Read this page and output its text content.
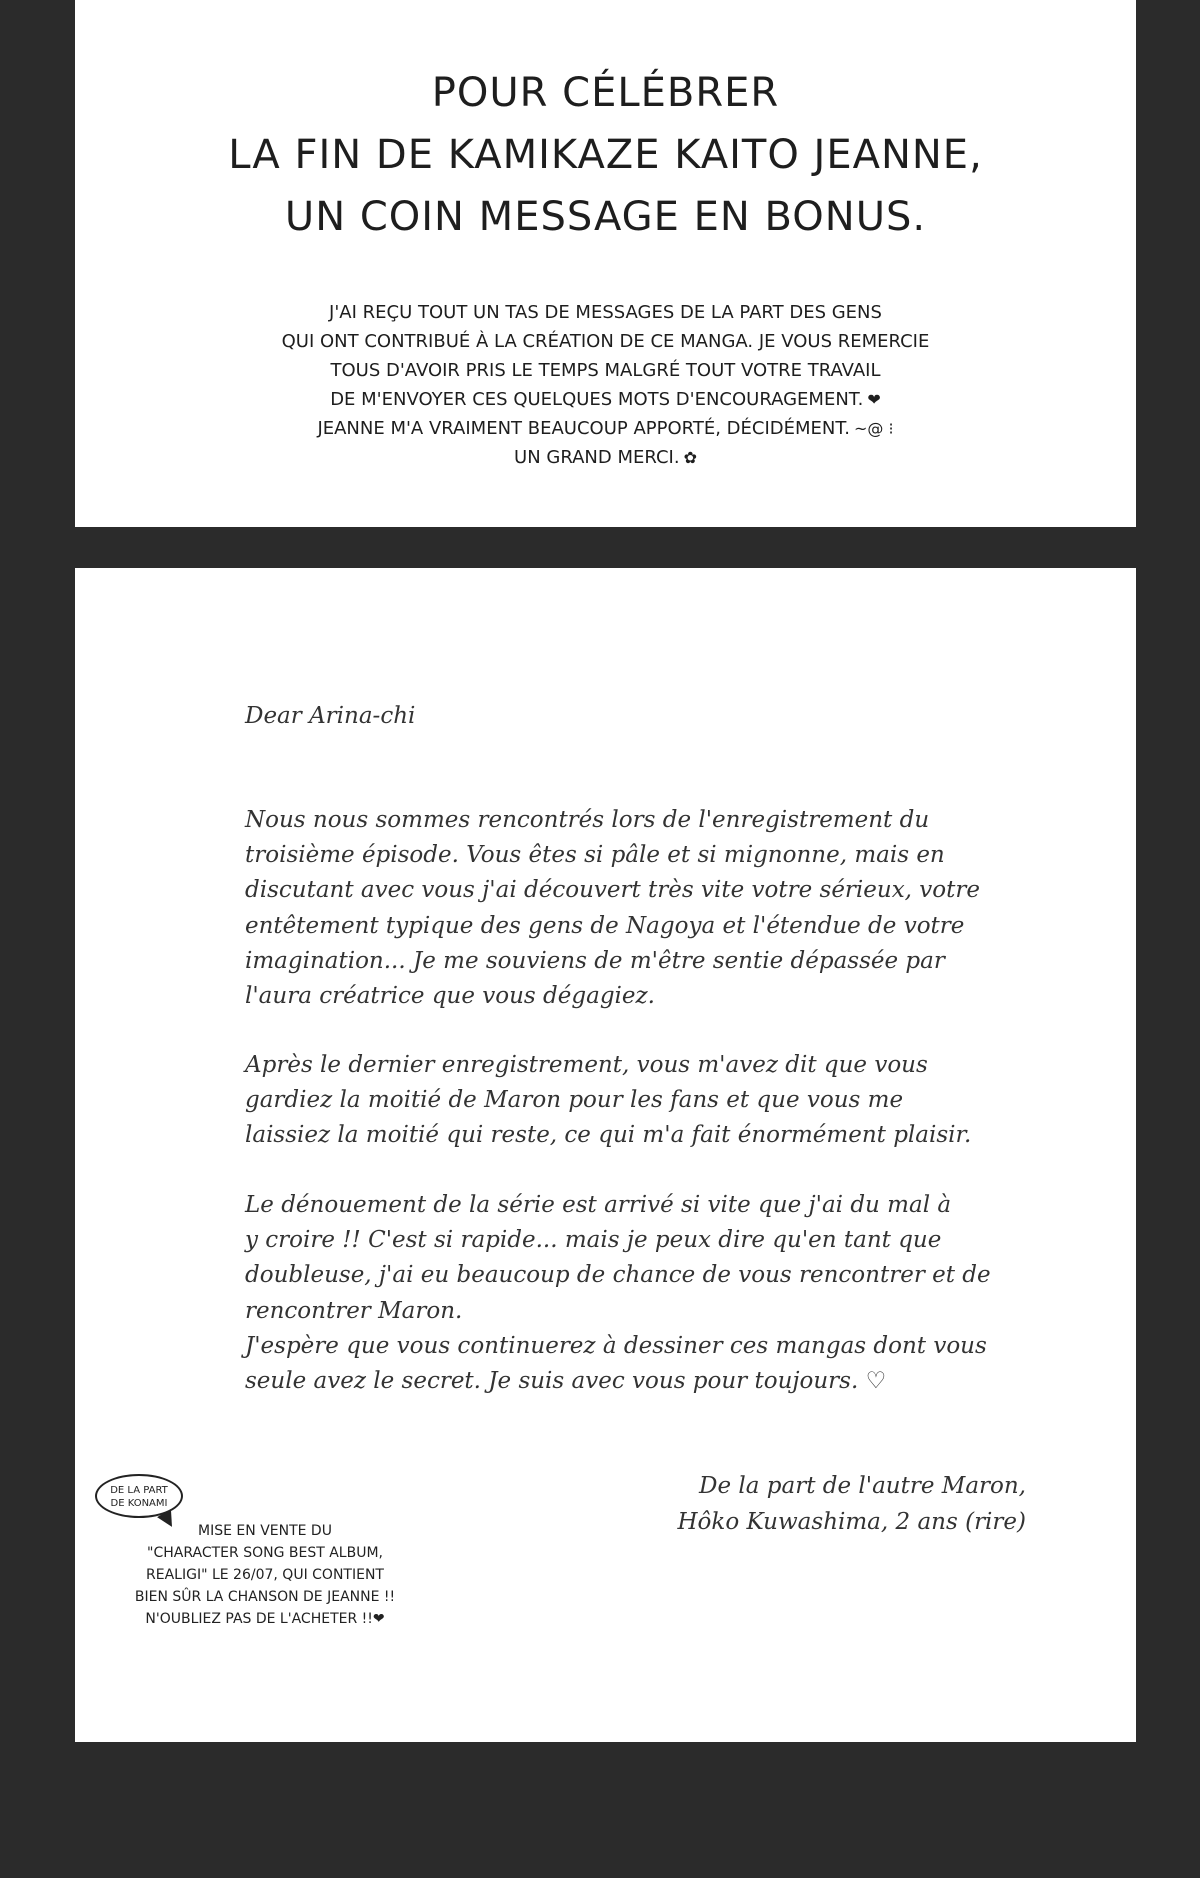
POUR CÉLÉBRER
LA FIN DE KAMIKAZE KAITO JEANNE,
UN COIN MESSAGE EN BONUS.
J'AI REÇU TOUT UN TAS DE MESSAGES DE LA PART DES GENS
QUI ONT CONTRIBUÉ À LA CRÉATION DE CE MANGA. JE VOUS REMERCIE
TOUS D'AVOIR PRIS LE TEMPS MALGRÉ TOUT VOTRE TRAVAIL
DE M'ENVOYER CES QUELQUES MOTS D'ENCOURAGEMENT. ❤
JEANNE M'A VRAIMENT BEAUCOUP APPORTÉ, DÉCIDÉMENT. ~@ ⁝
UN GRAND MERCI. ✿
Dear Arina-chi
Nous nous sommes rencontrés lors de l'enregistrement du
troisième épisode. Vous êtes si pâle et si mignonne, mais en
discutant avec vous j'ai découvert très vite votre sérieux, votre
entêtement typique des gens de Nagoya et l'étendue de votre
imagination... Je me souviens de m'être sentie dépassée par
l'aura créatrice que vous dégagiez.
Après le dernier enregistrement, vous m'avez dit que vous
gardiez la moitié de Maron pour les fans et que vous me
laissiez la moitié qui reste, ce qui m'a fait énormément plaisir.
Le dénouement de la série est arrivé si vite que j'ai du mal à
y croire !! C'est si rapide... mais je peux dire qu'en tant que
doubleuse, j'ai eu beaucoup de chance de vous rencontrer et de
rencontrer Maron.
J'espère que vous continuerez à dessiner ces mangas dont vous
seule avez le secret. Je suis avec vous pour toujours. ♡
De la part de l'autre Maron,
Hôko Kuwashima, 2 ans (rire)
DE LA PART
DE KONAMI
MISE EN VENTE DU
"CHARACTER SONG BEST ALBUM,
REALIGI" LE 26/07, QUI CONTIENT
BIEN SÛR LA CHANSON DE JEANNE !!
N'OUBLIEZ PAS DE L'ACHETER !!❤
